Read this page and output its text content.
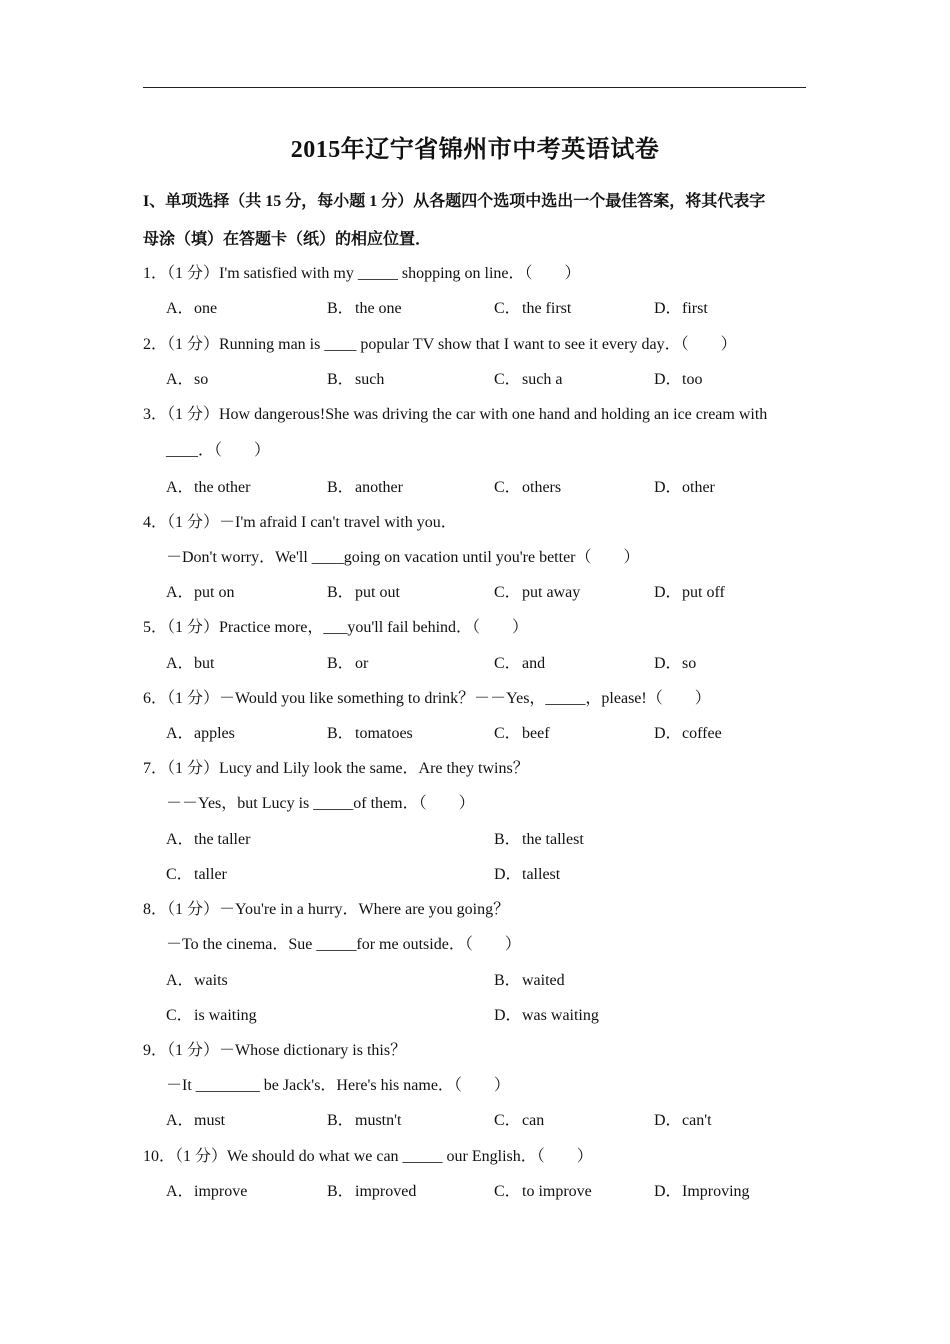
2015年辽宁省锦州市中考英语试卷
I、单项选择（共 15 分，每小题 1 分）从各题四个选项中选出一个最佳答案，将其代表字
母涂（填）在答题卡（纸）的相应位置．
1．（1 分）I'm satisfied with my _____ shopping on line．（　　）
A．one	B．the one	C．the first	D．first
2．（1 分）Running man is ____ popular TV show that I want to see it every day．（　　）
A．so	B．such	C．such a	D．too
3．（1 分）How dangerous!She was driving the car with one hand and holding an ice cream with
____．（　　）
A．the other	B．another	C．others	D．other
4．（1 分）－I'm afraid I can't travel with you．
－Don't worry．We'll ____going on vacation until you're better（　　）
A．put on	B．put out	C．put away	D．put off
5．（1 分）Practice more，___you'll fail behind．（　　）
A．but	B．or	C．and	D．so
6．（1 分）－Would you like something to drink？－－Yes，_____，please!（　　）
A．apples	B．tomatoes	C．beef	D．coffee
7．（1 分）Lucy and Lily look the same．Are they twins？
－－Yes，but Lucy is _____of them．（　　）
A．the taller	B．the tallest
C．taller	D．tallest
8．（1 分）－You're in a hurry．Where are you going？
－To the cinema．Sue _____for me outside．（　　）
A．waits	B．waited
C．is waiting	D．was waiting
9．（1 分）－Whose dictionary is this？
－It ________ be Jack's．Here's his name．（　　）
A．must	B．mustn't	C．can	D．can't
10．（1 分）We should do what we can _____ our English．（　　）
A．improve	B．improved	C．to improve	D．Improving
